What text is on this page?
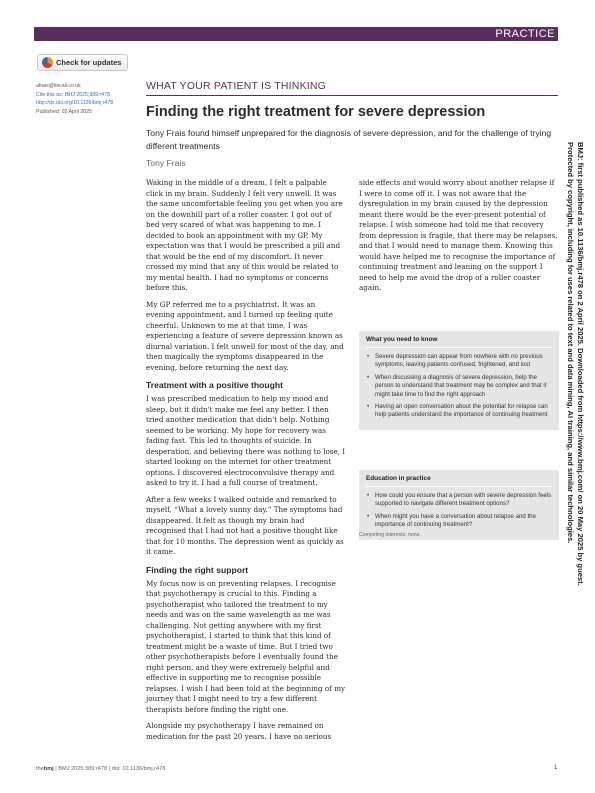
PRACTICE
Check for updates
afrais@tiscali.co.uk
Cite this as: BMJ 2025;389:r478
http://dx.doi.org/10.1136/bmj.r478
Published: 02 April 2025
WHAT YOUR PATIENT IS THINKING
Finding the right treatment for severe depression
Tony Frais found himself unprepared for the diagnosis of severe depression, and for the challenge of trying different treatments
Tony Frais

Waking in the middle of a dream, I felt a palpable click in my brain. Suddenly I felt very unwell. It was the same uncomfortable feeling you get when you are on the downhill part of a roller coaster. I got out of bed very scared of what was happening to me. I decided to book an appointment with my GP. My expectation was that I would be prescribed a pill and that would be the end of my discomfort. It never crossed my mind that any of this would be related to my mental health. I had no symptoms or concerns before this.

My GP referred me to a psychiatrist. It was an evening appointment, and I turned up feeling quite cheerful. Unknown to me at that time, I was experiencing a feature of severe depression known as diurnal variation. I felt unwell for most of the day, and then magically the symptoms disappeared in the evening, before returning the next day.

Treatment with a positive thought

I was prescribed medication to help my mood and sleep, but it didn't make me feel any better. I then tried another medication that didn't help. Nothing seemed to be working. My hope for recovery was fading fast. This led to thoughts of suicide. In desperation, and believing there was nothing to lose, I started looking on the internet for other treatment options. I discovered electroconvulsive therapy and asked to try it. I had a full course of treatment.

After a few weeks I walked outside and remarked to myself, “What a lovely sunny day.” The symptoms had disappeared. It felt as though my brain had recognised that I had not had a positive thought like that for 10 months. The depression went as quickly as it came.

Finding the right support

My focus now is on preventing relapses. I recognise that psychotherapy is crucial to this. Finding a psychotherapist who tailored the treatment to my needs and was on the same wavelength as me was challenging. Not getting anywhere with my first psychotherapist, I started to think that this kind of treatment might be a waste of time. But I tried two other psychotherapists before I eventually found the right person, and they were extremely helpful and effective in supporting me to recognise possible relapses. I wish I had been told at the beginning of my journey that I might need to try a few different therapists before finding the right one.

Alongside my psychotherapy I have remained on medication for the past 20 years. I have no serious

side effects and would worry about another relapse if I were to come off it. I was not aware that the dysregulation in my brain caused by the depression meant there would be the ever-present potential of relapse. I wish someone had told me that recovery from depression is fragile, that there may be relapses, and that I would need to manage them. Knowing this would have helped me to recognise the importance of continuing treatment and leaning on the support I need to help me avoid the drop of a roller coaster again.

What you need to know
• Severe depression can appear from nowhere with no previous symptoms, leaving patients confused, frightened, and lost
• When discussing a diagnosis of severe depression, help the person to understand that treatment may be complex and that it might take time to find the right approach
• Having an open conversation about the potential for relapse can help patients understand the importance of continuing treatment
Education in practice
• How could you ensure that a person with severe depression feels supported to navigate different treatment options?
• When might you have a conversation about relapse and the importance of continuing treatment?
Competing interests: none.	BMJ: first published as 10.1136/bmj.r478 on 2 April 2025. Downloaded from https://www.bmj.com/ on 20 May 2025 by guest.
Protected by copyright, including for uses related to text and data mining, AI training, and similar technologies.
thebmj | BMJ 2025;389:r478 | doi: 10.1136/bmj.r478	1
